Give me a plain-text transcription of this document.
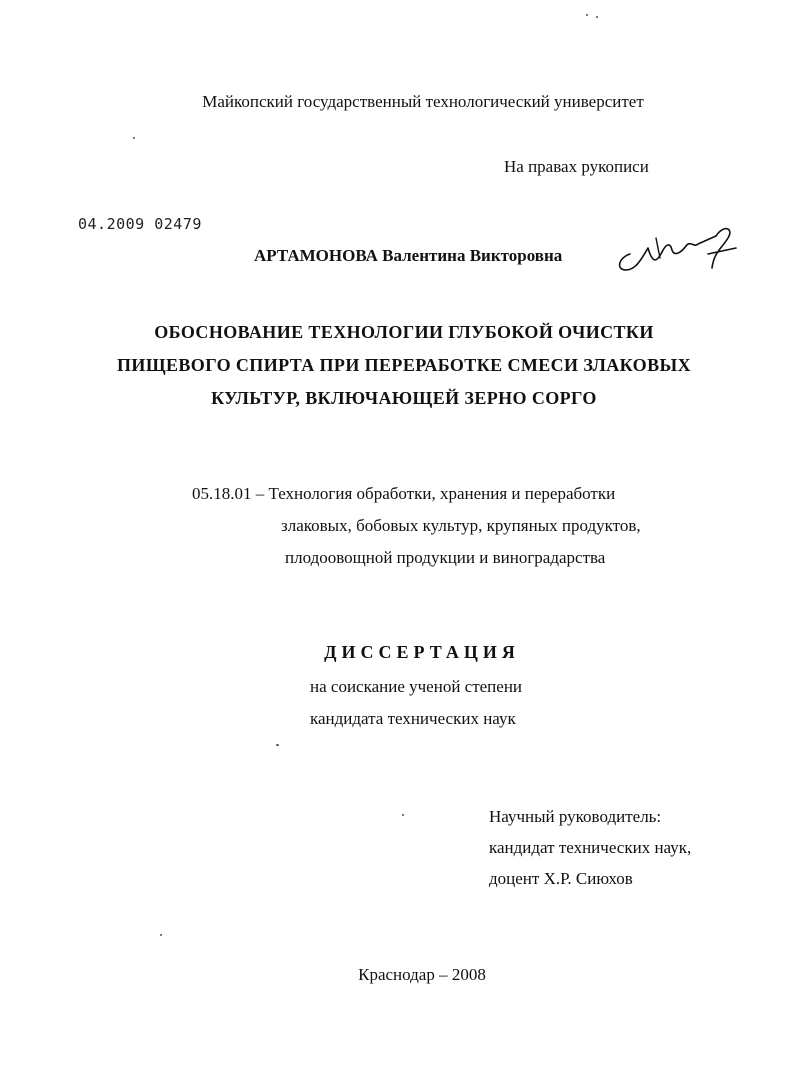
Майкопский государственный технологический университет
На правах рукописи
04.2009 02479
АРТАМОНОВА Валентина Викторовна
ОБОСНОВАНИЕ ТЕХНОЛОГИИ ГЛУБОКОЙ ОЧИСТКИ
ПИЩЕВОГО СПИРТА ПРИ ПЕРЕРАБОТКЕ СМЕСИ ЗЛАКОВЫХ
КУЛЬТУР, ВКЛЮЧАЮЩЕЙ ЗЕРНО СОРГО
05.18.01 – Технология обработки, хранения и переработки
злаковых, бобовых культур, крупяных продуктов,
плодоовощной продукции и виноградарства
ДИССЕРТАЦИЯ
на соискание ученой степени
кандидата технических наук
Научный руководитель:
кандидат технических наук,
доцент Х.Р. Сиюхов
Краснодар – 2008
